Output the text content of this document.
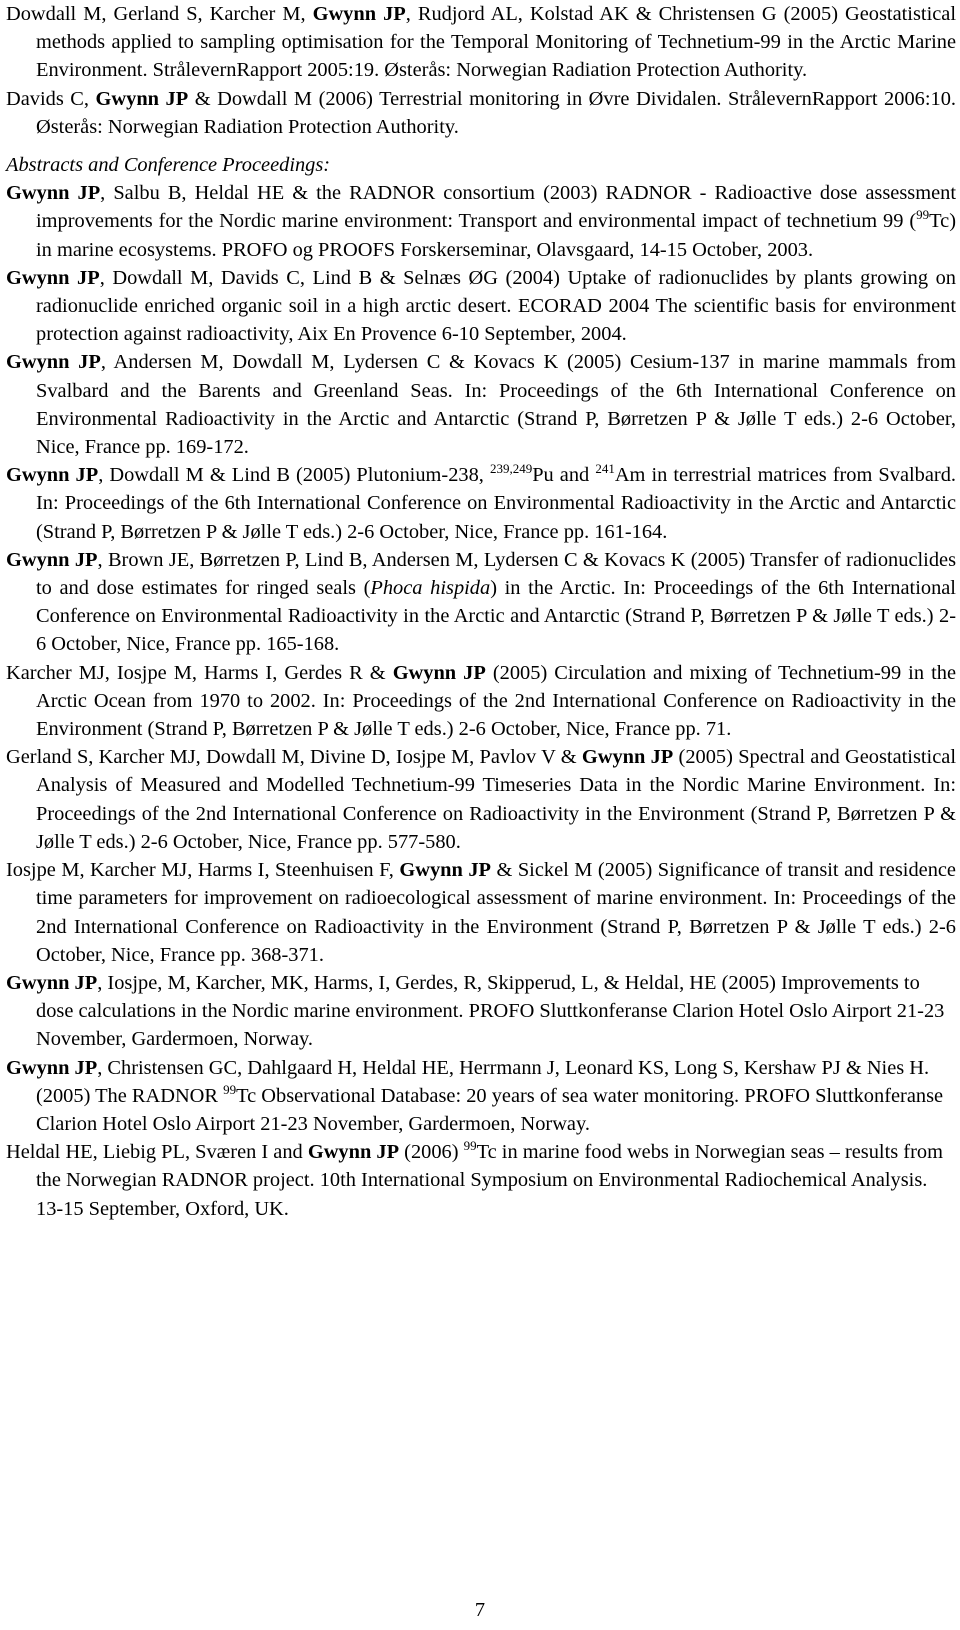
Dowdall M, Gerland S, Karcher M, Gwynn JP, Rudjord AL, Kolstad AK & Christensen G (2005) Geostatistical methods applied to sampling optimisation for the Temporal Monitoring of Technetium-99 in the Arctic Marine Environment. StrålevernRapport 2005:19. Østerås: Norwegian Radiation Protection Authority.

Davids C, Gwynn JP & Dowdall M (2006) Terrestrial monitoring in Øvre Dividalen. StrålevernRapport 2006:10. Østerås: Norwegian Radiation Protection Authority.

Abstracts and Conference Proceedings:

Gwynn JP, Salbu B, Heldal HE & the RADNOR consortium (2003) RADNOR - Radioactive dose assessment improvements for the Nordic marine environment: Transport and environmental impact of technetium 99 ($^{99}$Tc) in marine ecosystems. PROFO og PROOFS Forskerseminar, Olavsgaard, 14-15 October, 2003.

Gwynn JP, Dowdall M, Davids C, Lind B & Selnæs ØG (2004) Uptake of radionuclides by plants growing on radionuclide enriched organic soil in a high arctic desert. ECORAD 2004 The scientific basis for environment protection against radioactivity, Aix En Provence 6-10 September, 2004.

Gwynn JP, Andersen M, Dowdall M, Lydersen C & Kovacs K (2005) Cesium-137 in marine mammals from Svalbard and the Barents and Greenland Seas. In: Proceedings of the 6th International Conference on Environmental Radioactivity in the Arctic and Antarctic (Strand P, Børretzen P & Jølle T eds.) 2-6 October, Nice, France pp. 169-172.

Gwynn JP, Dowdall M & Lind B (2005) Plutonium-238, $^{239,249}$Pu and $^{241}$Am in terrestrial matrices from Svalbard. In: Proceedings of the 6th International Conference on Environmental Radioactivity in the Arctic and Antarctic (Strand P, Børretzen P & Jølle T eds.) 2-6 October, Nice, France pp. 161-164.

Gwynn JP, Brown JE, Børretzen P, Lind B, Andersen M, Lydersen C & Kovacs K (2005) Transfer of radionuclides to and dose estimates for ringed seals (Phoca hispida) in the Arctic. In: Proceedings of the 6th International Conference on Environmental Radioactivity in the Arctic and Antarctic (Strand P, Børretzen P & Jølle T eds.) 2-6 October, Nice, France pp. 165-168.

Karcher MJ, Iosjpe M, Harms I, Gerdes R & Gwynn JP (2005) Circulation and mixing of Technetium-99 in the Arctic Ocean from 1970 to 2002. In: Proceedings of the 2nd International Conference on Radioactivity in the Environment (Strand P, Børretzen P & Jølle T eds.) 2-6 October, Nice, France pp. 71.

Gerland S, Karcher MJ, Dowdall M, Divine D, Iosjpe M, Pavlov V & Gwynn JP (2005) Spectral and Geostatistical Analysis of Measured and Modelled Technetium-99 Timeseries Data in the Nordic Marine Environment. In: Proceedings of the 2nd International Conference on Radioactivity in the Environment (Strand P, Børretzen P & Jølle T eds.) 2-6 October, Nice, France pp. 577-580.

Iosjpe M, Karcher MJ, Harms I, Steenhuisen F, Gwynn JP & Sickel M (2005) Significance of transit and residence time parameters for improvement on radioecological assessment of marine environment. In: Proceedings of the 2nd International Conference on Radioactivity in the Environment (Strand P, Børretzen P & Jølle T eds.) 2-6 October, Nice, France pp. 368-371.

Gwynn JP, Iosjpe, M, Karcher, MK, Harms, I, Gerdes, R, Skipperud, L, & Heldal, HE (2005) Improvements to dose calculations in the Nordic marine environment. PROFO Sluttkonferanse Clarion Hotel Oslo Airport 21-23 November, Gardermoen, Norway.

Gwynn JP, Christensen GC, Dahlgaard H, Heldal HE, Herrmann J, Leonard KS, Long S, Kershaw PJ & Nies H. (2005) The RADNOR $^{99}$Tc Observational Database: 20 years of sea water monitoring. PROFO Sluttkonferanse Clarion Hotel Oslo Airport 21-23 November, Gardermoen, Norway.

Heldal HE, Liebig PL, Sværen I and Gwynn JP (2006) $^{99}$Tc in marine food webs in Norwegian seas – results from the Norwegian RADNOR project. 10th International Symposium on Environmental Radiochemical Analysis. 13-15 September, Oxford, UK.

7
